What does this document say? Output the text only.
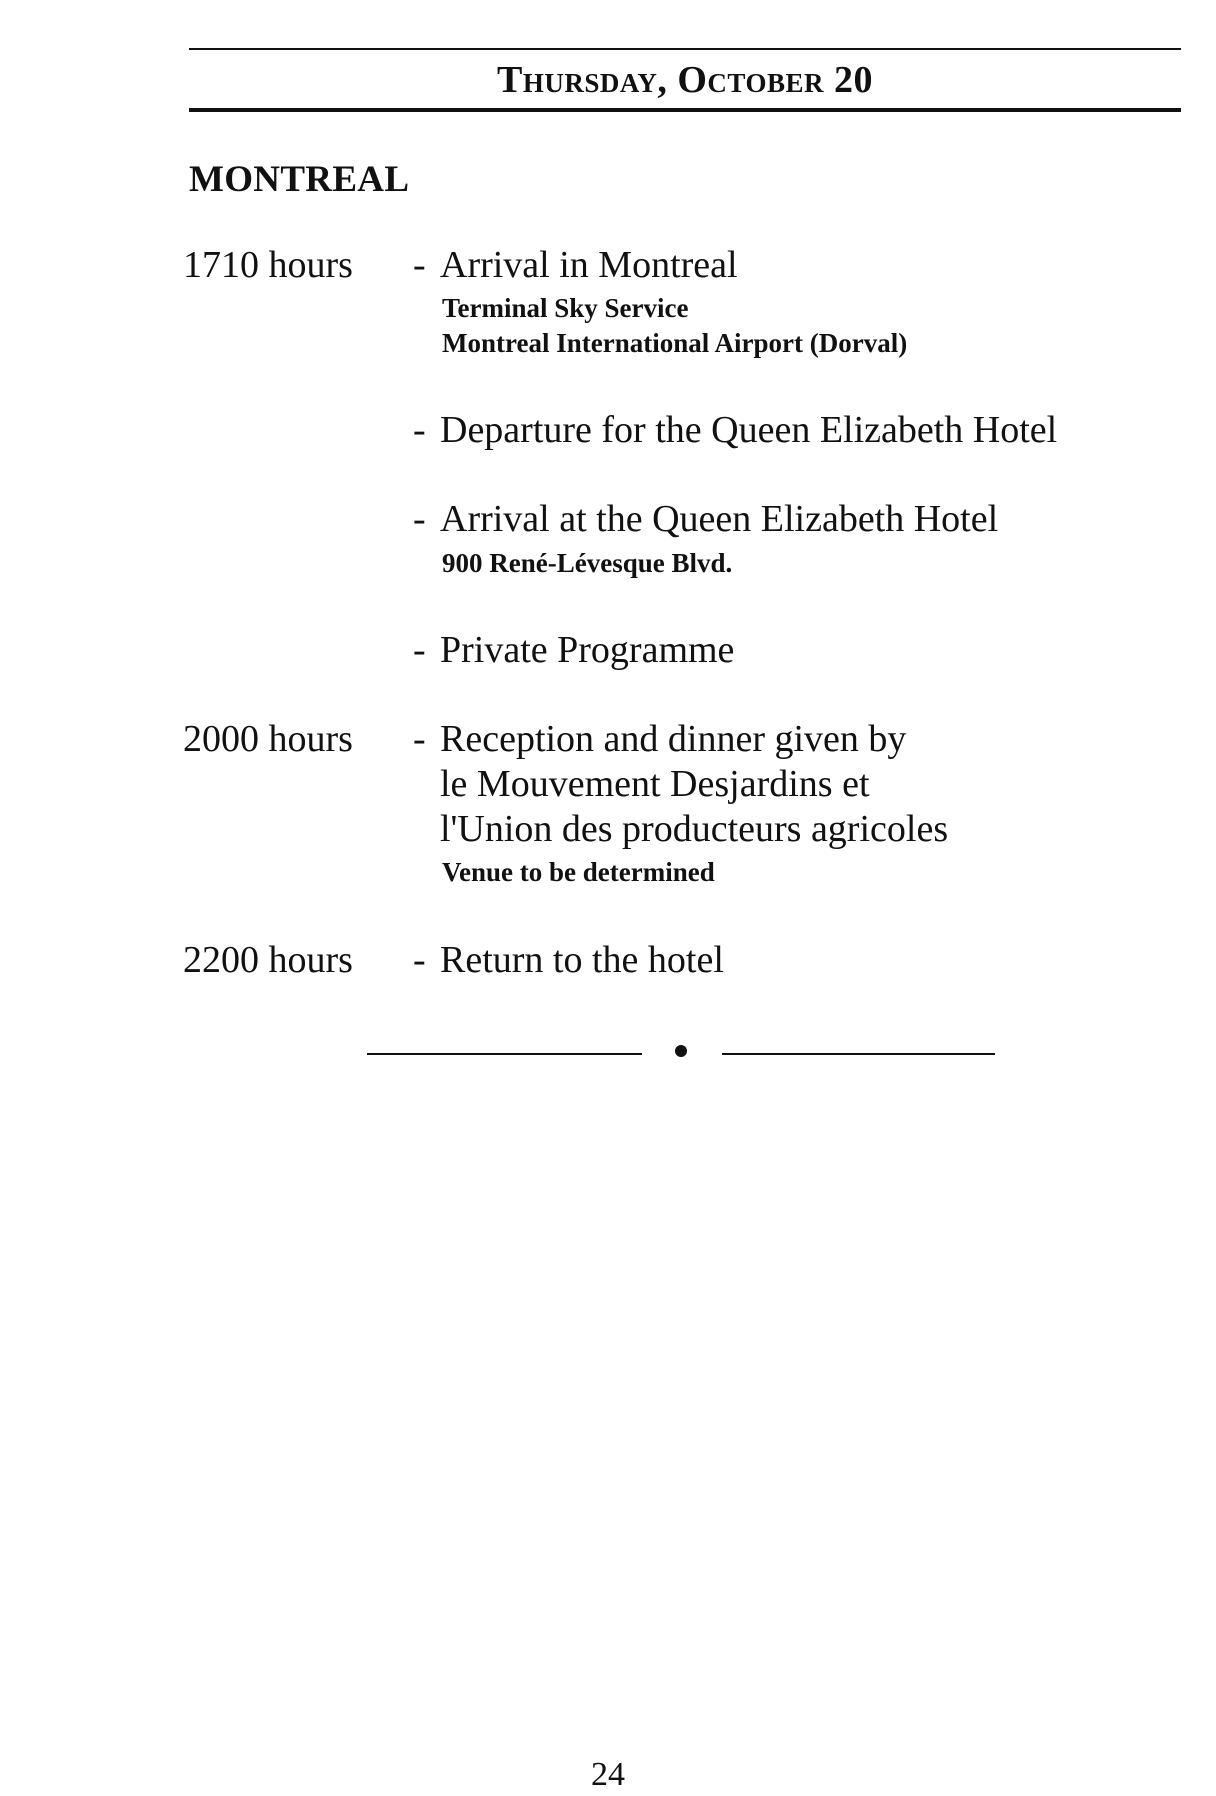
Thursday, October 20
MONTREAL
1710 hours - Arrival in Montreal
Terminal Sky Service
Montreal International Airport (Dorval)
- Departure for the Queen Elizabeth Hotel
- Arrival at the Queen Elizabeth Hotel
900 René-Lévesque Blvd.
- Private Programme
2000 hours - Reception and dinner given by
le Mouvement Desjardins et
l'Union des producteurs agricoles
Venue to be determined
2200 hours - Return to the hotel
24
